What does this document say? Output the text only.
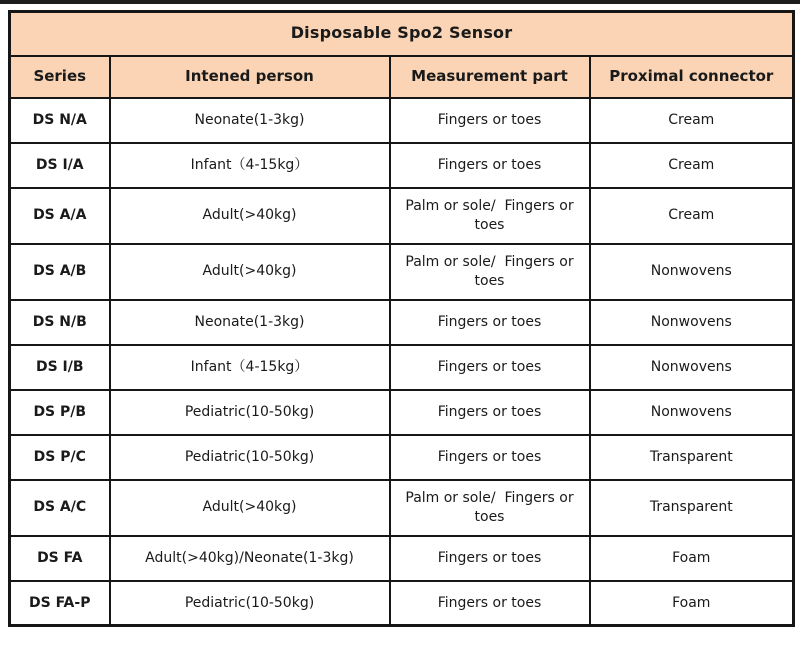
Disposable Spo2 Sensor			
Series	Intened person	Measurement part	Proximal connector
DS N/A	Neonate(1-3kg)	Fingers or toes	Cream
DS I/A	Infant（4-15kg）	Fingers or toes	Cream
DS A/A	Adult(>40kg)	Palm or sole/  Fingers or toes	Cream
DS A/B	Adult(>40kg)	Palm or sole/  Fingers or toes	Nonwovens
DS N/B	Neonate(1-3kg)	Fingers or toes	Nonwovens
DS I/B	Infant（4-15kg）	Fingers or toes	Nonwovens
DS P/B	Pediatric(10-50kg)	Fingers or toes	Nonwovens
DS P/C	Pediatric(10-50kg)	Fingers or toes	Transparent
DS A/C	Adult(>40kg)	Palm or sole/  Fingers or toes	Transparent
DS FA	Adult(>40kg)/Neonate(1-3kg)	Fingers or toes	Foam
DS FA-P	Pediatric(10-50kg)	Fingers or toes	Foam
